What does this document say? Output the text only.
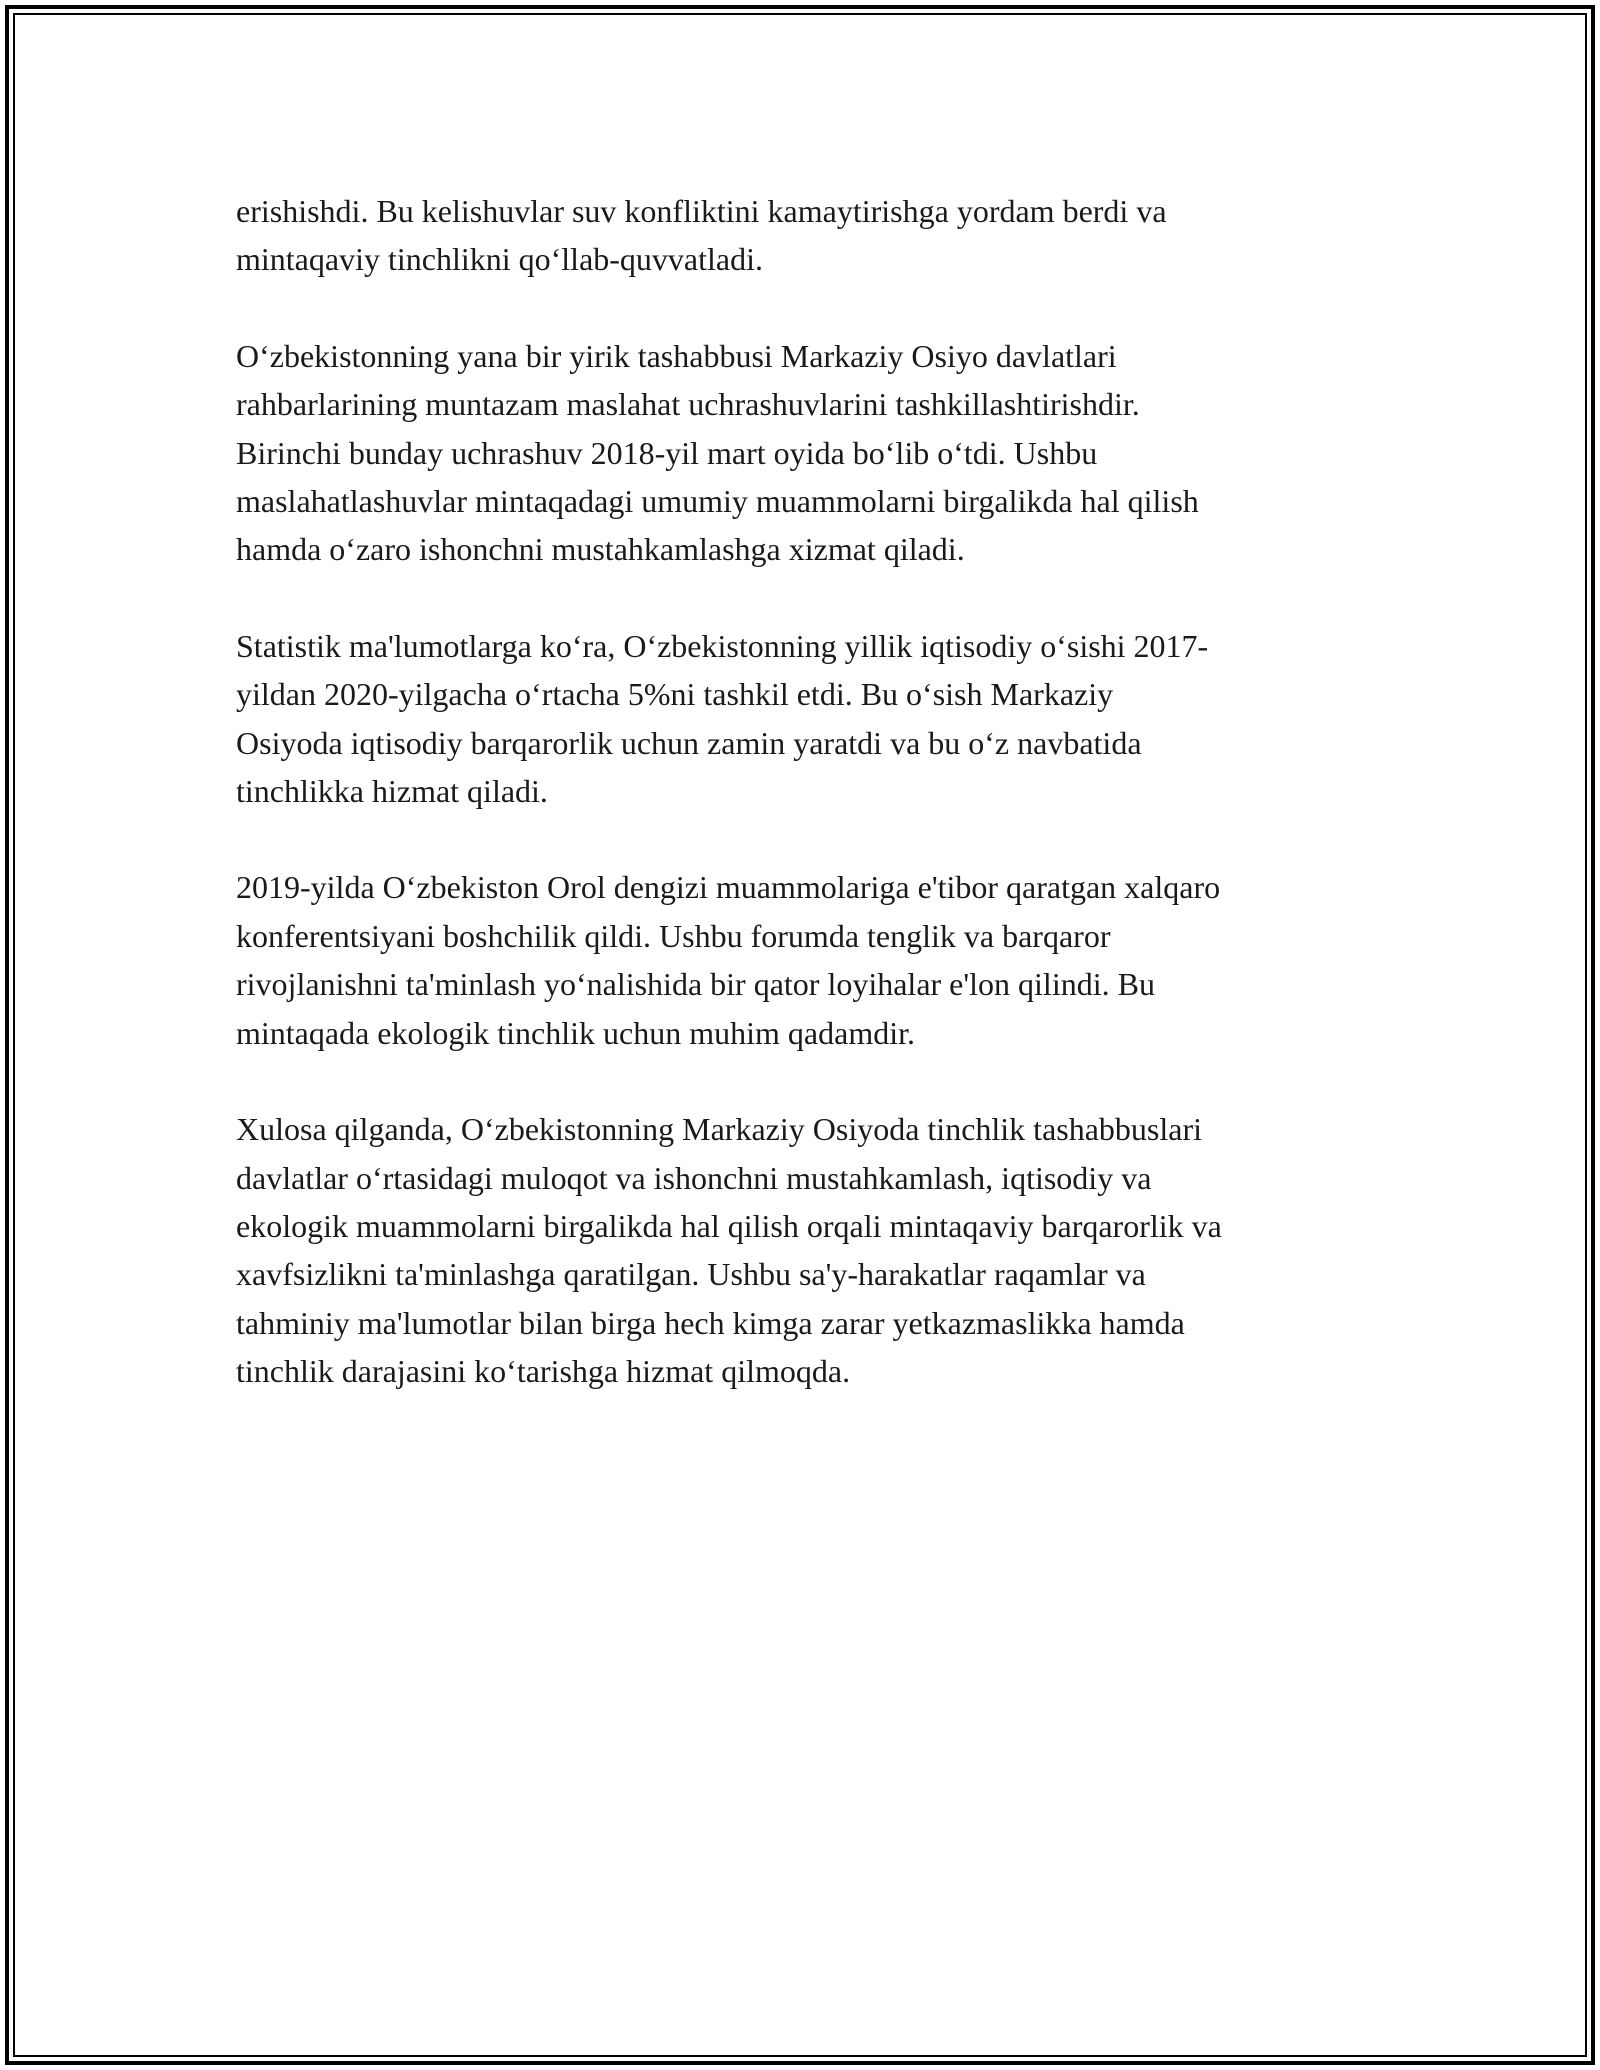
erishishdi. Bu kelishuvlar suv konfliktini kamaytirishga yordam berdi va
mintaqaviy tinchlikni qo‘llab-quvvatladi.

O‘zbekistonning yana bir yirik tashabbusi Markaziy Osiyo davlatlari
rahbarlarining muntazam maslahat uchrashuvlarini tashkillashtirishdir.
Birinchi bunday uchrashuv 2018-yil mart oyida bo‘lib o‘tdi. Ushbu
maslahatlashuvlar mintaqadagi umumiy muammolarni birgalikda hal qilish
hamda o‘zaro ishonchni mustahkamlashga xizmat qiladi.

Statistik ma'lumotlarga ko‘ra, O‘zbekistonning yillik iqtisodiy o‘sishi 2017-
yildan 2020-yilgacha o‘rtacha 5%ni tashkil etdi. Bu o‘sish Markaziy
Osiyoda iqtisodiy barqarorlik uchun zamin yaratdi va bu o‘z navbatida
tinchlikka hizmat qiladi.

2019-yilda O‘zbekiston Orol dengizi muammolariga e'tibor qaratgan xalqaro
konferentsiyani boshchilik qildi. Ushbu forumda tenglik va barqaror
rivojlanishni ta'minlash yo‘nalishida bir qator loyihalar e'lon qilindi. Bu
mintaqada ekologik tinchlik uchun muhim qadamdir.

Xulosa qilganda, O‘zbekistonning Markaziy Osiyoda tinchlik tashabbuslari
davlatlar o‘rtasidagi muloqot va ishonchni mustahkamlash, iqtisodiy va
ekologik muammolarni birgalikda hal qilish orqali mintaqaviy barqarorlik va
xavfsizlikni ta'minlashga qaratilgan. Ushbu sa'y-harakatlar raqamlar va
tahminiy ma'lumotlar bilan birga hech kimga zarar yetkazmaslikka hamda
tinchlik darajasini ko‘tarishga hizmat qilmoqda.
